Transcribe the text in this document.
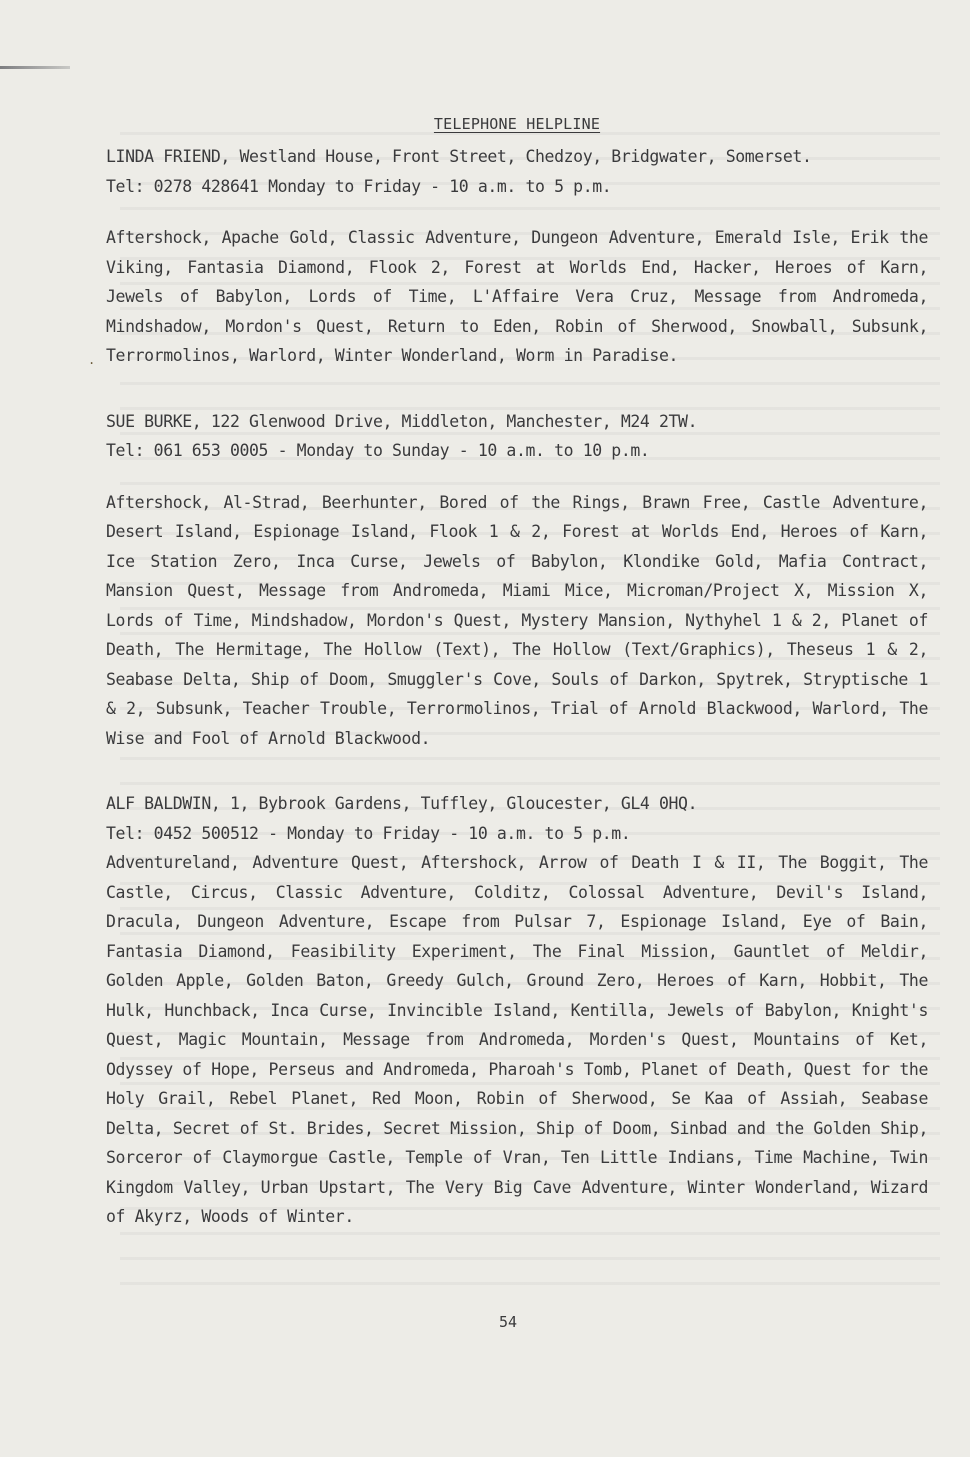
.
TELEPHONE HELPLINE
LINDA FRIEND, Westland House, Front Street, Chedzoy, Bridgwater, Somerset.
Tel: 0278 428641 Monday to Friday - 10 a.m. to 5 p.m.

Aftershock, Apache Gold, Classic Adventure, Dungeon Adventure, Emerald Isle, Erik the Viking, Fantasia Diamond, Flook 2, Forest at Worlds End, Hacker, Heroes of Karn, Jewels of Babylon, Lords of Time, L'Affaire Vera Cruz, Message from Andromeda, Mindshadow, Mordon's Quest, Return to Eden, Robin of Sherwood, Snowball, Subsunk, Terrormolinos, Warlord, Winter Wonderland, Worm in Paradise.

SUE BURKE, 122 Glenwood Drive, Middleton, Manchester, M24 2TW.
Tel: 061 653 0005 - Monday to Sunday - 10 a.m. to 10 p.m.

Aftershock, Al-Strad, Beerhunter, Bored of the Rings, Brawn Free, Castle Adventure, Desert Island, Espionage Island, Flook 1 & 2, Forest at Worlds End, Heroes of Karn, Ice Station Zero, Inca Curse, Jewels of Babylon, Klondike Gold, Mafia Contract, Mansion Quest, Message from Andromeda, Miami Mice, Microman/Project X, Mission X, Lords of Time, Mindshadow, Mordon's Quest, Mystery Mansion, Nythyhel 1 & 2, Planet of Death, The Hermitage, The Hollow (Text), The Hollow (Text/Graphics), Theseus 1 & 2, Seabase Delta, Ship of Doom, Smuggler's Cove, Souls of Darkon, Spytrek, Stryptische 1 & 2, Subsunk, Teacher Trouble, Terrormolinos, Trial of Arnold Blackwood, Warlord, The Wise and Fool of Arnold Blackwood.

ALF BALDWIN, 1, Bybrook Gardens, Tuffley, Gloucester, GL4 0HQ.
Tel: 0452 500512 - Monday to Friday - 10 a.m. to 5 p.m.

Adventureland, Adventure Quest, Aftershock, Arrow of Death I & II, The Boggit, The Castle, Circus, Classic Adventure, Colditz, Colossal Adventure, Devil's Island, Dracula, Dungeon Adventure, Escape from Pulsar 7, Espionage Island, Eye of Bain, Fantasia Diamond, Feasibility Experiment, The Final Mission, Gauntlet of Meldir, Golden Apple, Golden Baton, Greedy Gulch, Ground Zero, Heroes of Karn, Hobbit, The Hulk, Hunchback, Inca Curse, Invincible Island, Kentilla, Jewels of Babylon, Knight's Quest, Magic Mountain, Message from Andromeda, Morden's Quest, Mountains of Ket, Odyssey of Hope, Perseus and Andromeda, Pharoah's Tomb, Planet of Death, Quest for the Holy Grail, Rebel Planet, Red Moon, Robin of Sherwood, Se Kaa of Assiah, Seabase Delta, Secret of St. Brides, Secret Mission, Ship of Doom, Sinbad and the Golden Ship, Sorceror of Claymorgue Castle, Temple of Vran, Ten Little Indians, Time Machine, Twin Kingdom Valley, Urban Upstart, The Very Big Cave Adventure, Winter Wonderland, Wizard of Akyrz, Woods of Winter.

54
